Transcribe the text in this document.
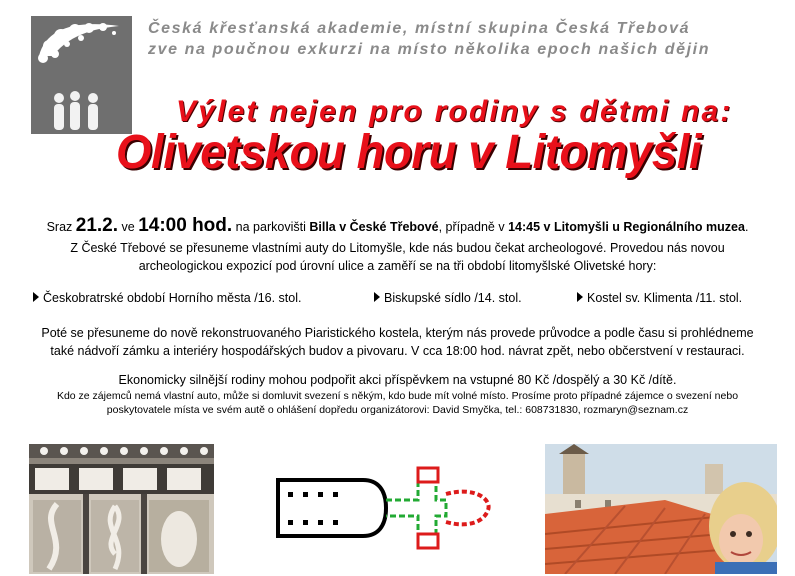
Česká křesťanská akademie, místní skupina Česká Třebová
zve na poučnou exkurzi na místo několika epoch našich dějin
Výlet nejen pro rodiny s dětmi na:
Olivetskou horu v Litomyšli
Sraz 21.2. ve 14:00 hod. na parkovišti Billa v České Třebové, případně v 14:45 v Litomyšli u Regionálního muzea.
Z České Třebové se přesuneme vlastními auty do Litomyšle, kde nás budou čekat archeologové. Provedou nás novou
archeologickou expozicí pod úrovní ulice a zaměří se na tři období litomyšlské Olivetské hory:
Českobratrské období Horního města /16. stol.	Biskupské sídlo /14. stol.	Kostel sv. Klimenta /11. stol.
Poté se přesuneme do nově rekonstruovaného Piaristického kostela, kterým nás provede průvodce a podle času si prohlédneme
také nádvoří zámku a interiéry hospodářských budov a pivovaru. V cca 18:00 hod. návrat zpět, nebo občerstvení v restauraci.
Ekonomicky silnější rodiny mohou podpořit akci příspěvkem na vstupné 80 Kč /dospělý a 30 Kč /dítě.
Kdo ze zájemců nemá vlastní auto, může si domluvit svezení s někým, kdo bude mít volné místo. Prosíme proto případné zájemce o svezení nebo
poskytovatele místa ve svém autě o ohlášení dopředu organizátorovi: David Smyčka, tel.: 608731830, rozmaryn@seznam.cz
